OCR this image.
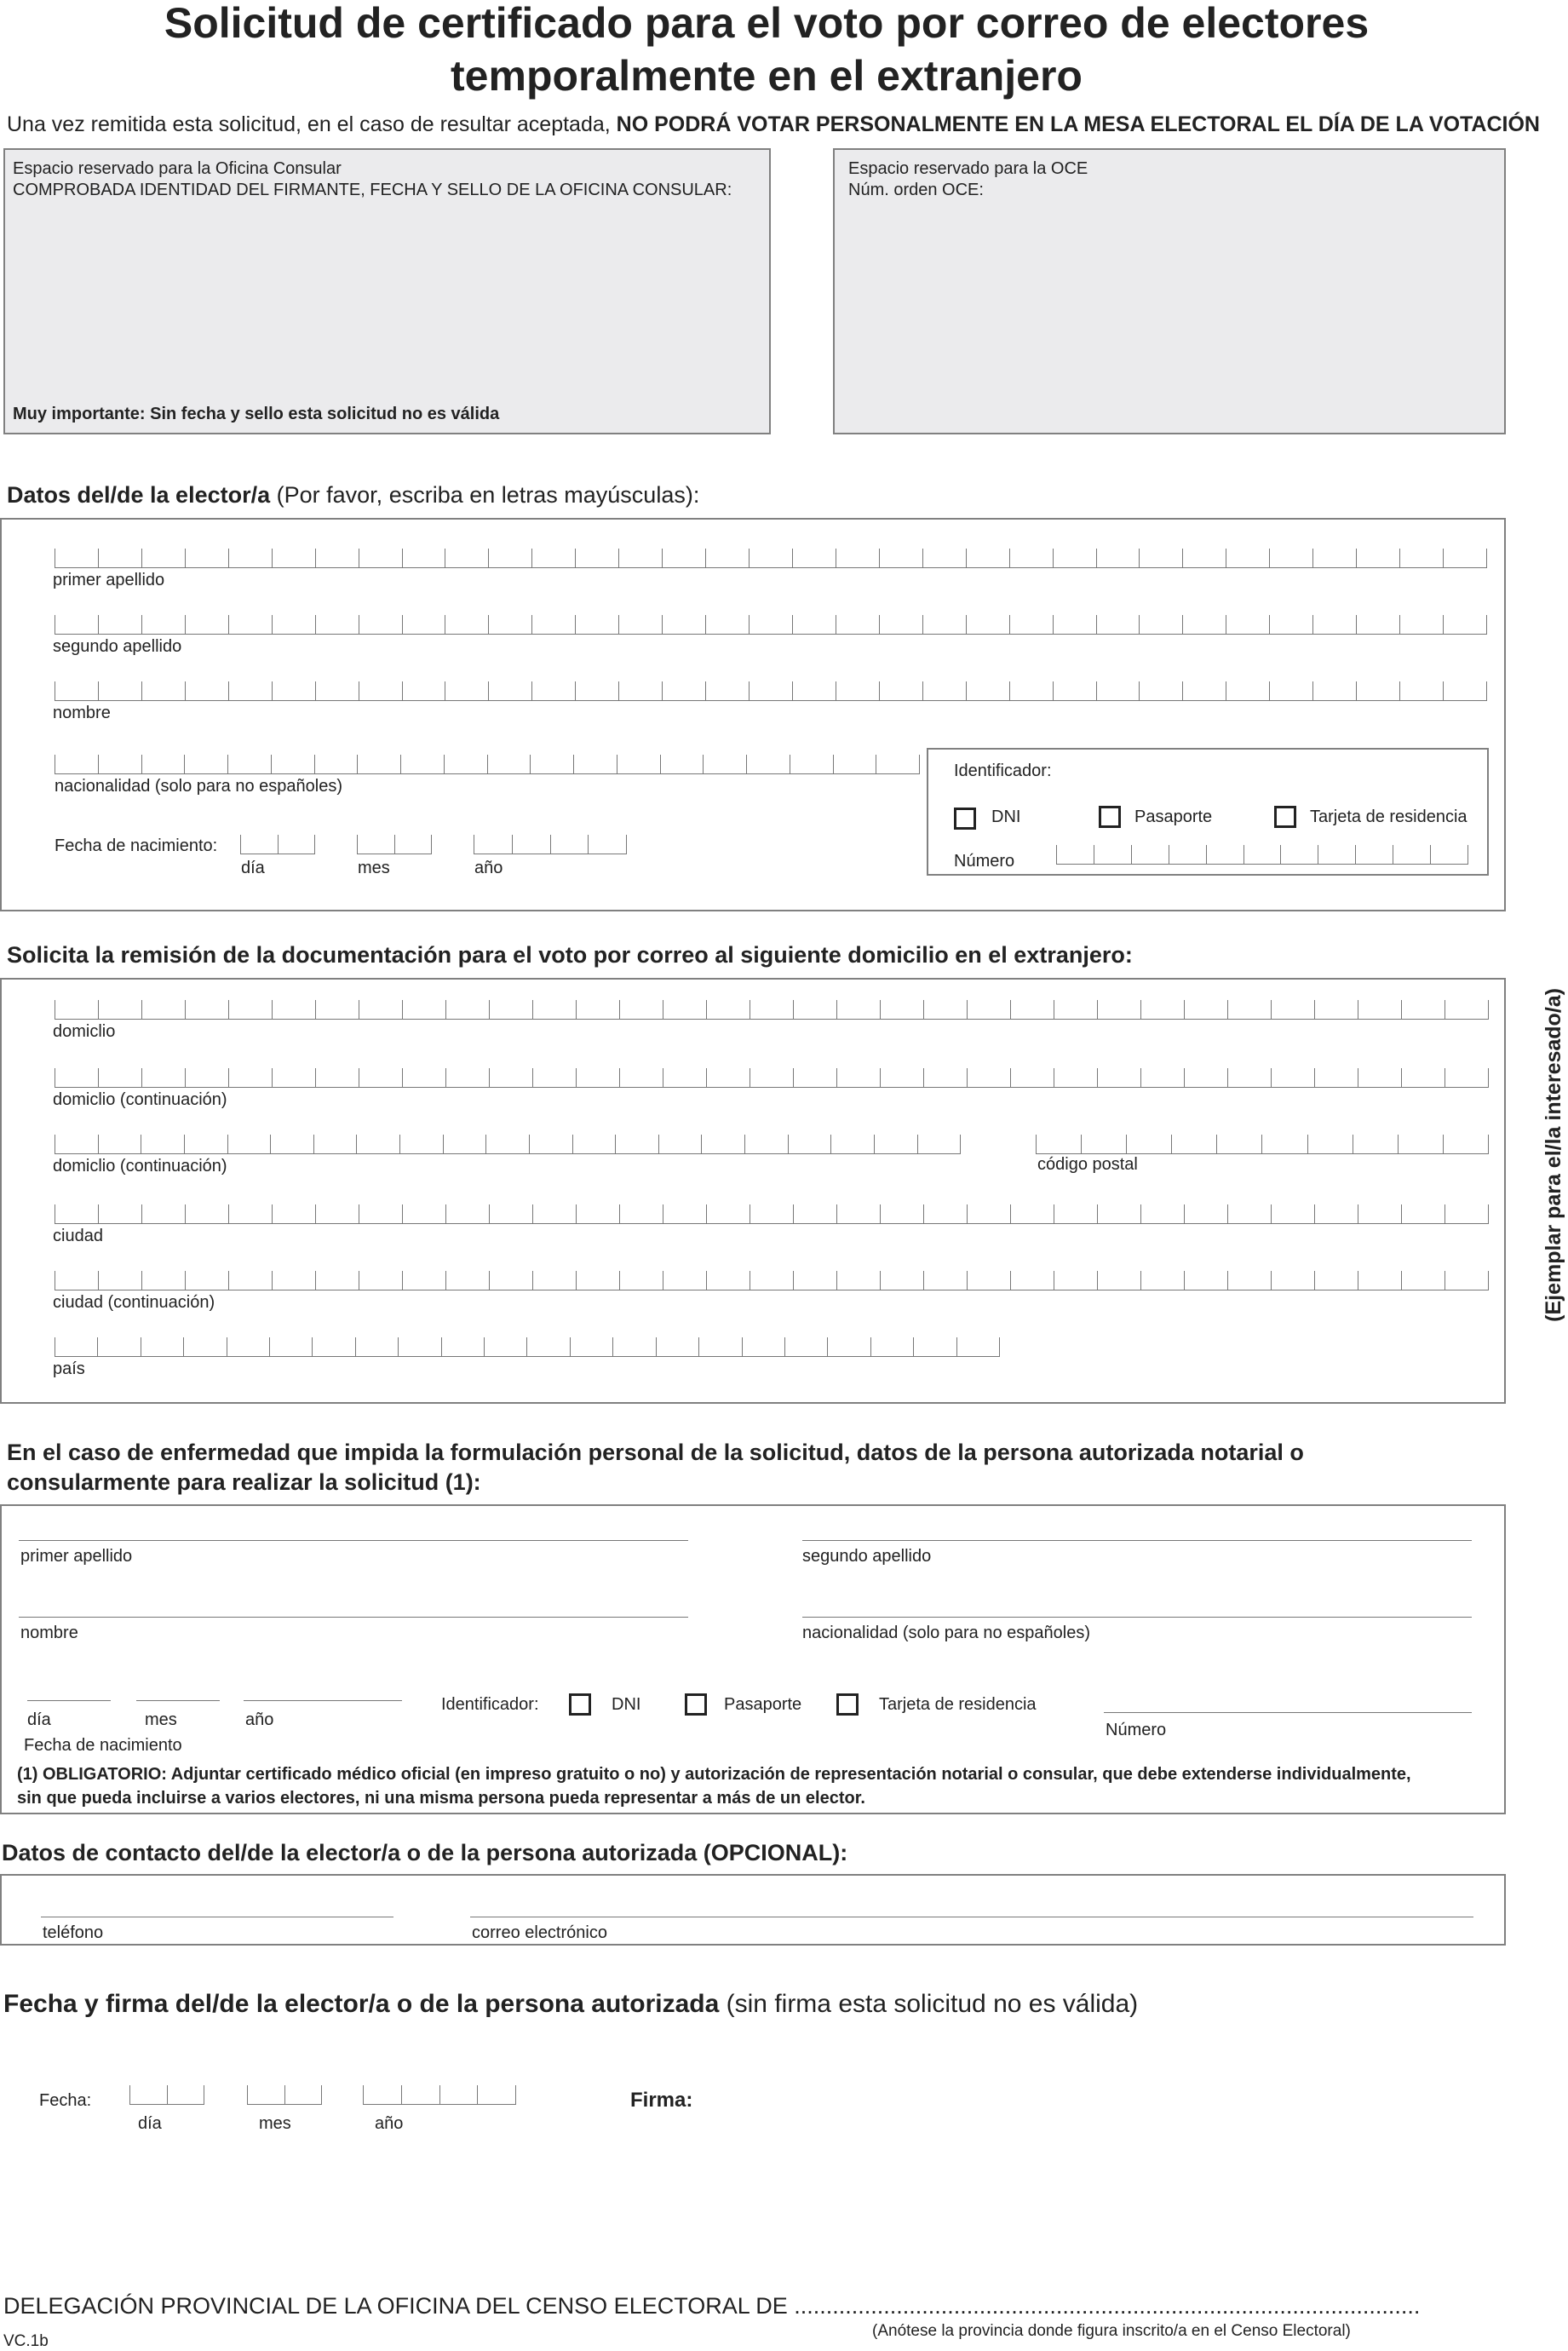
Solicitud de certificado para el voto por correo de electores
temporalmente en el extranjero
Una vez remitida esta solicitud, en el caso de resultar aceptada, NO PODRÁ VOTAR PERSONALMENTE EN LA MESA ELECTORAL EL DÍA DE LA VOTACIÓN
Espacio reservado para la Oficina Consular
COMPROBADA IDENTIDAD DEL FIRMANTE, FECHA Y SELLO DE LA OFICINA CONSULAR:
Muy importante: Sin fecha y sello esta solicitud no es válida
Espacio reservado para la OCE
Núm. orden OCE:
Datos del/de la elector/a (Por favor, escriba en letras mayúsculas):
primer apellido
segundo apellido
nombre
nacionalidad (solo para no españoles)
Fecha de nacimiento:
día	mes	año
Identificador:
DNI	Pasaporte	Tarjeta de residencia
Número
Solicita la remisión de la documentación para el voto por correo al siguiente domicilio en el extranjero:
domiclio
domiclio (continuación)
domiclio (continuación)	código postal
ciudad
ciudad (continuación)
país
(Ejemplar para el/la interesado/a)
En el caso de enfermedad que impida la formulación personal de la solicitud, datos de la persona autorizada notarial o
consularmente para realizar la solicitud (1):
primer apellido	segundo apellido
nombre	nacionalidad (solo para no españoles)
día	mes	año
Fecha de nacimiento
Identificador:	DNI	Pasaporte	Tarjeta de residencia
Número
(1) OBLIGATORIO: Adjuntar certificado médico oficial (en impreso gratuito o no) y autorización de representación notarial o consular, que debe extenderse individualmente,
sin que pueda incluirse a varios electores, ni una misma persona pueda representar a más de un elector.
Datos de contacto del/de la elector/a o de la persona autorizada (OPCIONAL):
teléfono	correo electrónico
Fecha y firma del/de la elector/a o de la persona autorizada (sin firma esta solicitud no es válida)
Fecha:
día	mes	año
Firma:
DELEGACIÓN PROVINCIAL DE LA OFICINA DEL CENSO ELECTORAL DE ..................................................................................................
(Anótese la provincia donde figura inscrito/a en el Censo Electoral)
VC.1b
